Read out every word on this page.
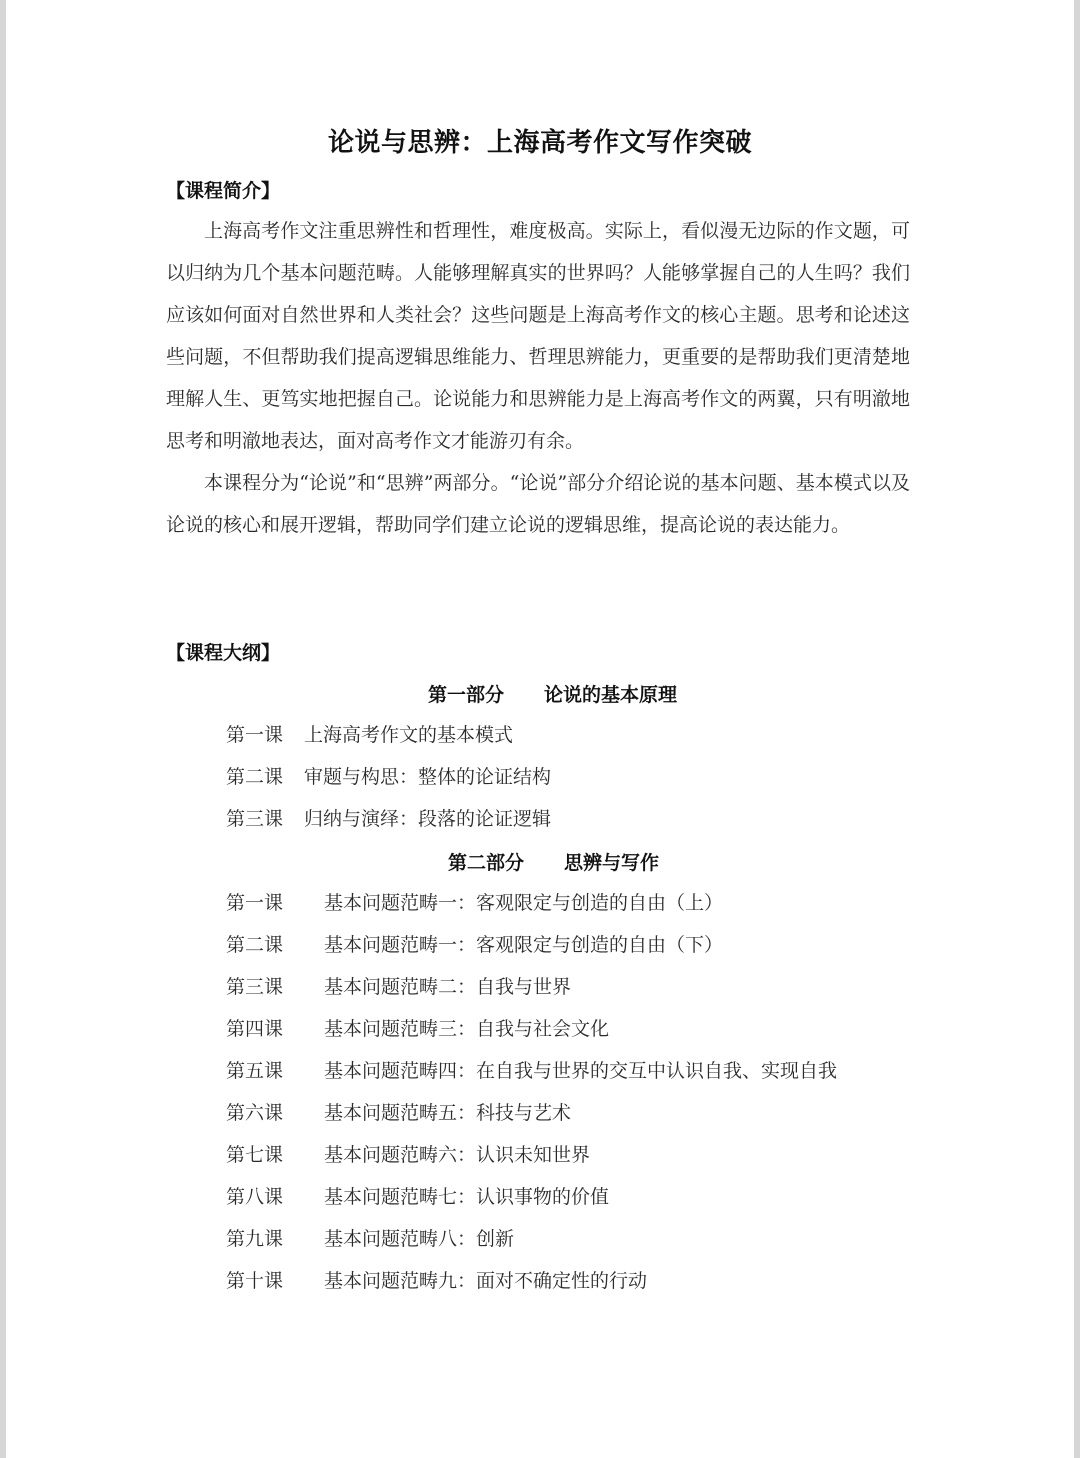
论说与思辨：上海高考作文写作突破
【课程简介】

上海高考作文注重思辨性和哲理性，难度极高。实际上，看似漫无边际的作文题，可以归纳为几个基本问题范畴。人能够理解真实的世界吗？人能够掌握自己的人生吗？我们应该如何面对自然世界和人类社会？这些问题是上海高考作文的核心主题。思考和论述这些问题，不但帮助我们提高逻辑思维能力、哲理思辨能力，更重要的是帮助我们更清楚地理解人生、更笃实地把握自己。论说能力和思辨能力是上海高考作文的两翼，只有明澈地思考和明澈地表达，面对高考作文才能游刃有余。

本课程分为“论说”和“思辨”两部分。“论说”部分介绍论说的基本问题、基本模式以及论说的核心和展开逻辑，帮助同学们建立论说的逻辑思维，提高论说的表达能力。

【课程大纲】
第一部分 论说的基本原理
第一课 上海高考作文的基本模式
第二课 审题与构思：整体的论证结构
第三课 归纳与演绎：段落的论证逻辑
第二部分 思辨与写作
第一课 基本问题范畴一：客观限定与创造的自由（上）
第二课 基本问题范畴一：客观限定与创造的自由（下）
第三课 基本问题范畴二：自我与世界
第四课 基本问题范畴三：自我与社会文化
第五课 基本问题范畴四：在自我与世界的交互中认识自我、实现自我
第六课 基本问题范畴五：科技与艺术
第七课 基本问题范畴六：认识未知世界
第八课 基本问题范畴七：认识事物的价值
第九课 基本问题范畴八：创新
第十课 基本问题范畴九：面对不确定性的行动
